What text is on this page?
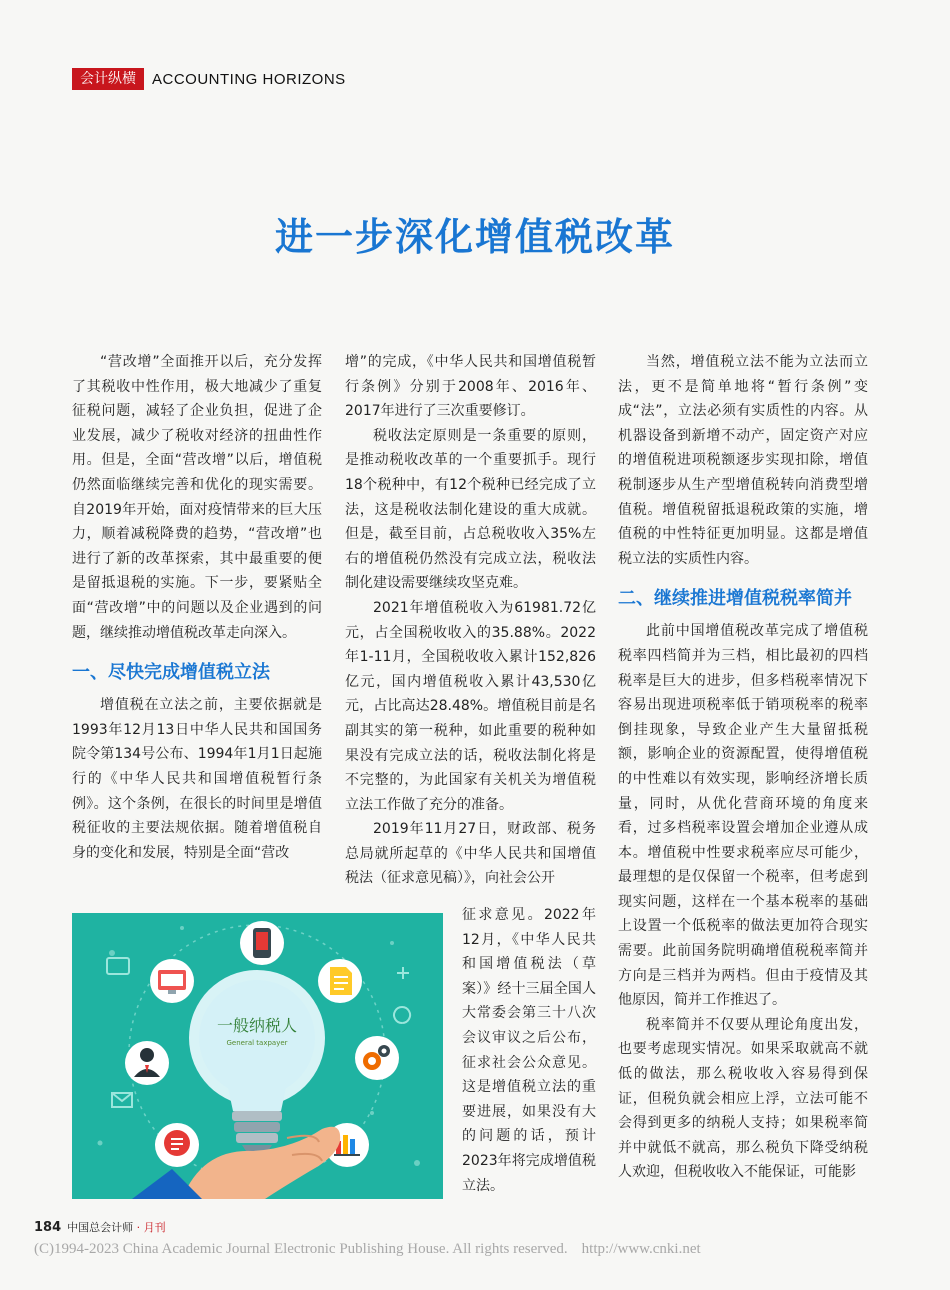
会计纵横	ACCOUNTING HORIZONS
进一步深化增值税改革

“营改增”全面推开以后，充分发挥了其税收中性作用，极大地减少了重复征税问题，减轻了企业负担，促进了企业发展，减少了税收对经济的扭曲性作用。但是，全面“营改增”以后，增值税仍然面临继续完善和优化的现实需要。自2019年开始，面对疫情带来的巨大压力，顺着减税降费的趋势，“营改增”也进行了新的改革探索，其中最重要的便是留抵退税的实施。下一步，要紧贴全面“营改增”中的问题以及企业遇到的问题，继续推动增值税改革走向深入。

一、尽快完成增值税立法

增值税在立法之前，主要依据就是1993年12月13日中华人民共和国国务院令第134号公布、1994年1月1日起施行的《中华人民共和国增值税暂行条例》。这个条例，在很长的时间里是增值税征收的主要法规依据。随着增值税自身的变化和发展，特别是全面“营改

增”的完成，《中华人民共和国增值税暂行条例》分别于2008年、2016年、2017年进行了三次重要修订。

税收法定原则是一条重要的原则，是推动税收改革的一个重要抓手。现行18个税种中，有12个税种已经完成了立法，这是税收法制化建设的重大成就。但是，截至目前，占总税收收入35%左右的增值税仍然没有完成立法，税收法制化建设需要继续攻坚克难。

2021年增值税收入为61981.72亿元，占全国税收收入的35.88%。2022年1-11月，全国税收收入累计152,826亿元，国内增值税收入累计43,530亿元，占比高达28.48%。增值税目前是名副其实的第一税种，如此重要的税种如果没有完成立法的话，税收法制化将是不完整的，为此国家有关机关为增值税立法工作做了充分的准备。

2019年11月27日，财政部、税务总局就所起草的《中华人民共和国增值税法（征求意见稿）》，向社会公开

征求意见。2022年12月，《中华人民共和国增值税法（草案）》经十三届全国人大常委会第三十八次会议审议之后公布，征求社会公众意见。这是增值税立法的重要进展，如果没有大的问题的话，预计2023年将完成增值税立法。

当然，增值税立法不能为立法而立法，更不是简单地将“暂行条例”变成“法”，立法必须有实质性的内容。从机器设备到新增不动产，固定资产对应的增值税进项税额逐步实现扣除，增值税制逐步从生产型增值税转向消费型增值税。增值税留抵退税政策的实施，增值税的中性特征更加明显。这都是增值税立法的实质性内容。

二、继续推进增值税税率简并

此前中国增值税改革完成了增值税税率四档简并为三档，相比最初的四档税率是巨大的进步，但多档税率情况下容易出现进项税率低于销项税率的税率倒挂现象，导致企业产生大量留抵税额，影响企业的资源配置，使得增值税的中性难以有效实现，影响经济增长质量，同时，从优化营商环境的角度来看，过多档税率设置会增加企业遵从成本。增值税中性要求税率应尽可能少，最理想的是仅保留一个税率，但考虑到现实问题，这样在一个基本税率的基础上设置一个低税率的做法更加符合现实需要。此前国务院明确增值税税率简并方向是三档并为两档。但由于疫情及其他原因，简并工作推迟了。

税率简并不仅要从理论角度出发，也要考虑现实情况。如果采取就高不就低的做法，那么税收收入容易得到保证，但税负就会相应上浮，立法可能不会得到更多的纳税人支持；如果税率简并中就低不就高，那么税负下降受纳税人欢迎，但税收收入不能保证，可能影

一般纳税人
General taxpayer
184 中国总会计师 · 月刊
(C)1994-2023 China Academic Journal Electronic Publishing House. All rights reserved. http://www.cnki.net
